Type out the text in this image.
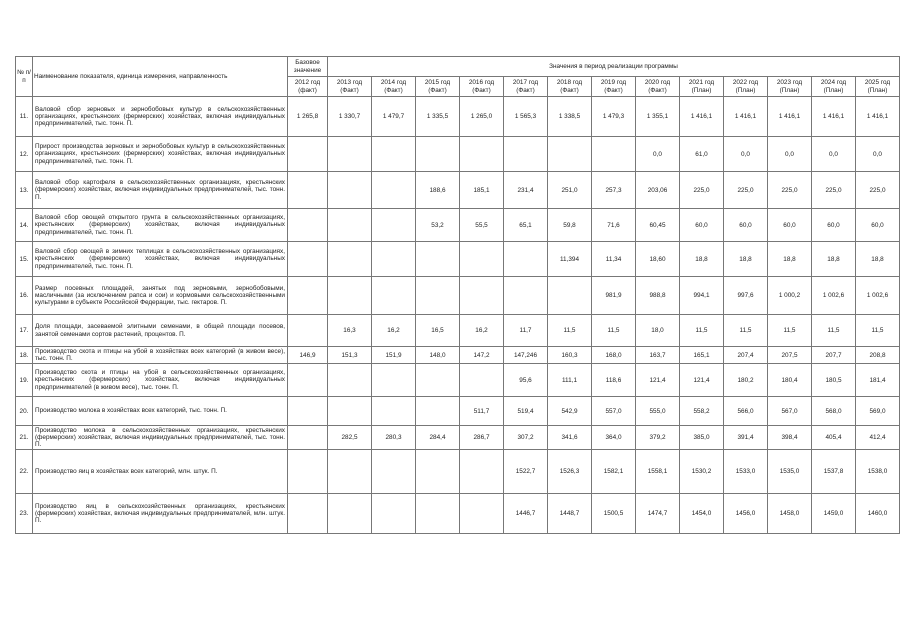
№ п/п	Наименование показателя, единица измерения, направленность	Базовое значение	Значения в период реализации программы												
		2012 год (факт)	2013 год (Факт)	2014 год (Факт)	2015 год (Факт)	2016 год (Факт)	2017 год (Факт)	2018 год (Факт)	2019 год (Факт)	2020 год (Факт)	2021 год (План)	2022 год (План)	2023 год (План)	2024 год (План)	2025 год (План)
11.	Валовой сбор зерновых и зернобобовых культур в сельскохозяйственных организациях, крестьянских (фермерских) хозяйствах, включая индивидуальных предпринимателей, тыс. тонн. П.	1 265,8	1 330,7	1 479,7	1 335,5	1 265,0	1 565,3	1 338,5	1 479,3	1 355,1	1 416,1	1 416,1	1 416,1	1 416,1	1 416,1
12.	Прирост производства зерновых и зернобобовых культур в сельскохозяйственных организациях, крестьянских (фермерских) хозяйствах, включая индивидуальных предпринимателей, тыс. тонн. П.									0,0	61,0	0,0	0,0	0,0	0,0
13.	Валовой сбор картофеля в сельскохозяйственных организациях, крестьянских (фермерских) хозяйствах, включая индивидуальных предпринимателей, тыс. тонн. П.				188,6	185,1	231,4	251,0	257,3	203,06	225,0	225,0	225,0	225,0	225,0
14.	Валовой сбор овощей открытого грунта в сельскохозяйственных организациях, крестьянских (фермерских) хозяйствах, включая индивидуальных предпринимателей, тыс. тонн. П.				53,2	55,5	65,1	59,8	71,6	60,45	60,0	60,0	60,0	60,0	60,0
15.	Валовой сбор овощей в зимних теплицах в сельскохозяйственных организациях, крестьянских (фермерских) хозяйствах, включая индивидуальных предпринимателей, тыс. тонн. П.							11,394	11,34	18,60	18,8	18,8	18,8	18,8	18,8
16.	Размер посевных площадей, занятых под зерновыми, зернобобовыми, масличными (за исключением рапса и сои) и кормовыми сельскохозяйственными культурами в субъекте Российской Федерации, тыс. гектаров. П.								981,9	988,8	994,1	997,6	1 000,2	1 002,6	1 002,6
17.	Доля площади, засеваемой элитными семенами, в общей площади посевов, занятой семенами сортов растений, процентов. П.		16,3	16,2	16,5	16,2	11,7	11,5	11,5	18,0	11,5	11,5	11,5	11,5	11,5
18.	Производство скота и птицы на убой в хозяйствах всех категорий (в живом весе), тыс. тонн. П.	146,9	151,3	151,9	148,0	147,2	147,246	160,3	168,0	163,7	165,1	207,4	207,5	207,7	208,8
19.	Производство скота и птицы на убой в сельскохозяйственных организациях, крестьянских (фермерских) хозяйствах, включая индивидуальных предпринимателей (в живом весе), тыс. тонн. П.						95,6	111,1	118,6	121,4	121,4	180,2	180,4	180,5	181,4
20.	Производство молока в хозяйствах всех категорий, тыс. тонн. П.					511,7	519,4	542,9	557,0	555,0	558,2	566,0	567,0	568,0	569,0
21.	Производство молока в сельскохозяйственных организациях, крестьянских (фермерских) хозяйствах, включая индивидуальных предпринимателей, тыс. тонн. П.		282,5	280,3	284,4	286,7	307,2	341,6	364,0	379,2	385,0	391,4	398,4	405,4	412,4
22.	Производство яиц в хозяйствах всех категорий, млн. штук. П.						1522,7	1526,3	1582,1	1558,1	1530,2	1533,0	1535,0	1537,8	1538,0
23.	Производство яиц в сельскохозяйственных организациях, крестьянских (фермерских) хозяйствах, включая индивидуальных предпринимателей, млн. штук. П.						1446,7	1448,7	1500,5	1474,7	1454,0	1456,0	1458,0	1459,0	1460,0
